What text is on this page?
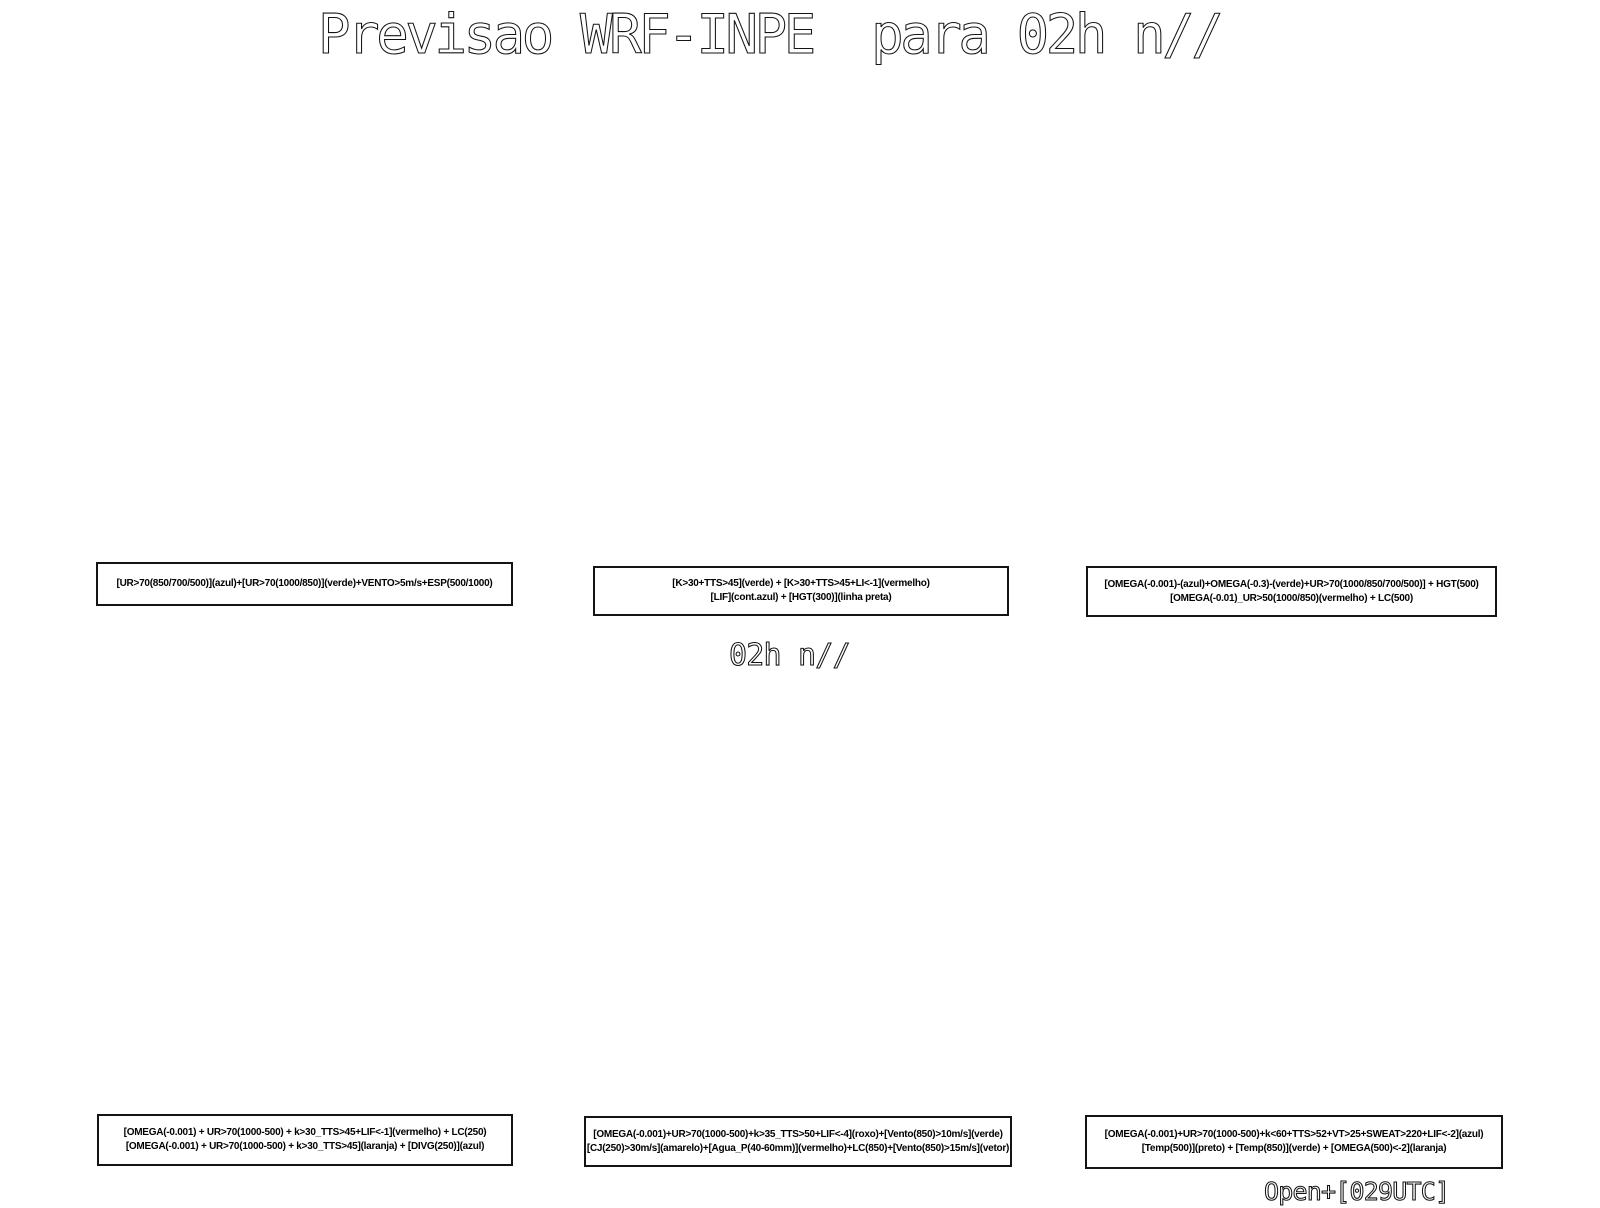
Previsao WRF-INPE  para 02h n//
[UR>70(850/700/500)](azul)+[UR>70(1000/850)](verde)+VENTO>5m/s+ESP(500/1000)	[K>30+TTS>45](verde) + [K>30+TTS>45+LI<-1](vermelho)
[LIF](cont.azul) + [HGT(300)](linha preta)
[OMEGA(-0.001)-(azul)+OMEGA(-0.3)-(verde)+UR>70(1000/850/700/500)] + HGT(500)
[OMEGA(-0.01)_UR>50(1000/850)(vermelho) + LC(500)
02h n//
[OMEGA(-0.001) + UR>70(1000-500) + k>30_TTS>45+LIF<-1](vermelho) + LC(250)
[OMEGA(-0.001) + UR>70(1000-500) + k>30_TTS>45](laranja) + [DIVG(250)](azul)
[OMEGA(-0.001)+UR>70(1000-500)+k>35_TTS>50+LIF<-4](roxo)+[Vento(850)>10m/s](verde)
[CJ(250)>30m/s](amarelo)+[Agua_P(40-60mm)](vermelho)+LC(850)+[Vento(850)>15m/s](vetor)
[OMEGA(-0.001)+UR>70(1000-500)+k<60+TTS>52+VT>25+SWEAT>220+LIF<-2](azul)
[Temp(500)](preto) + [Temp(850)](verde) + [OMEGA(500)<-2](laranja)
Open+[029UTC]
